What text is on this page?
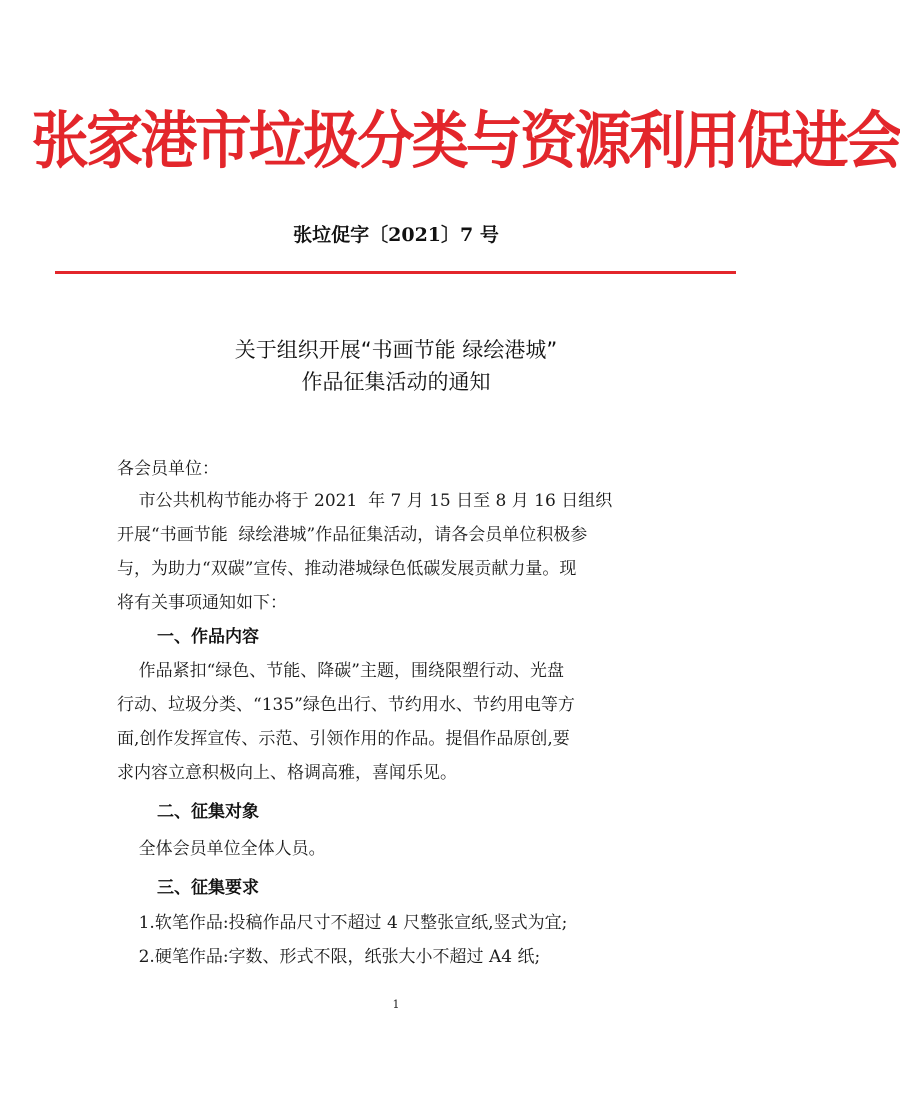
张家港市垃圾分类与资源利用促进会
张垃促字〔2021〕7 号
关于组织开展“书画节能 绿绘港城”
作品征集活动的通知
各会员单位：
市公共机构节能办将于 2021  年 7 月 15 日至 8 月 16 日组织
开展“书画节能  绿绘港城”作品征集活动，请各会员单位积极参
与，为助力“双碳”宣传、推动港城绿色低碳发展贡献力量。现
将有关事项通知如下：
一、作品内容
作品紧扣“绿色、节能、降碳”主题，围绕限塑行动、光盘
行动、垃圾分类、“135”绿色出行、节约用水、节约用电等方
面,创作发挥宣传、示范、引领作用的作品。提倡作品原创,要
求内容立意积极向上、格调高雅，喜闻乐见。
二、征集对象
全体会员单位全体人员。
三、征集要求
1.软笔作品:投稿作品尺寸不超过 4 尺整张宣纸,竖式为宜;
2.硬笔作品:字数、形式不限，纸张大小不超过 A4 纸;
1
